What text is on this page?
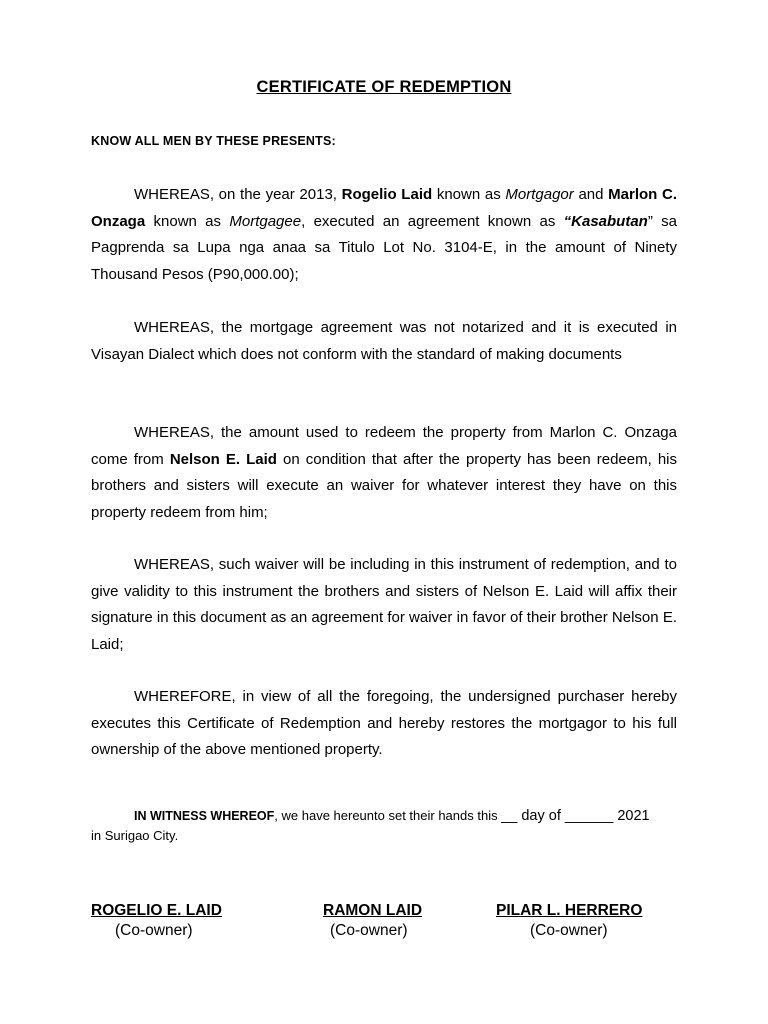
CERTIFICATE OF REDEMPTION
KNOW ALL MEN BY THESE PRESENTS:

WHEREAS, on the year 2013, Rogelio Laid known as Mortgagor and Marlon C. Onzaga known as Mortgagee, executed an agreement known as “Kasabutan” sa Pagprenda sa Lupa nga anaa sa Titulo Lot No. 3104-E, in the amount of Ninety Thousand Pesos (P90,000.00);

WHEREAS, the mortgage agreement was not notarized and it is executed in Visayan Dialect which does not conform with the standard of making documents

WHEREAS, the amount used to redeem the property from Marlon C. Onzaga come from Nelson E. Laid on condition that after the property has been redeem, his brothers and sisters will execute an waiver for whatever interest they have on this property redeem from him;

WHEREAS, such waiver will be including in this instrument of redemption, and to give validity to this instrument the brothers and sisters of Nelson E. Laid will affix their signature in this document as an agreement for waiver in favor of their brother Nelson E. Laid;

WHEREFORE, in view of all the foregoing, the undersigned purchaser hereby executes this Certificate of Redemption and hereby restores the mortgagor to his full ownership of the above mentioned property.

IN WITNESS WHEREOF, we have hereunto set their hands this __ day of ______ 2021 in Surigao City.

ROGELIO E. LAID
(Co-owner)
RAMON LAID
(Co-owner)
PILAR L. HERRERO
(Co-owner)
